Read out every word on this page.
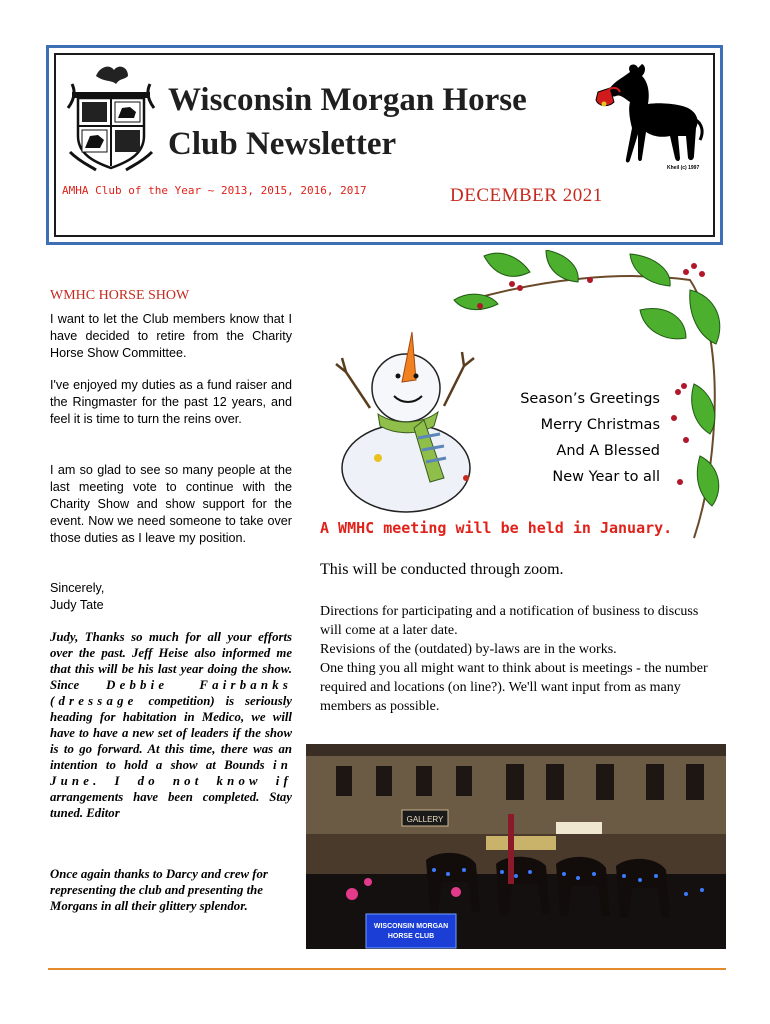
Wisconsin Morgan Horse
Club Newsletter
AMHA Club of the Year ~ 2013, 2015, 2016, 2017	DECEMBER 2021
Kheil (c) 1997
WMHC HORSE SHOW

I want to let the Club members know that I have decided to retire from the Charity Horse Show Committee.

I've enjoyed my duties as a fund raiser and the Ringmaster for the past 12 years, and feel it is time to turn the reins over.

I am so glad to see so many people at the last meeting vote to continue with the Charity Show and show support for the event. Now we need someone to take over those duties as I leave my position.

Sincerely,
Judy Tate

Judy, Thanks so much for all your efforts over the past. Jeff Heise also informed me that this will be his last year doing the show. Since Debbie Fairbanks (dressage competition) is seriously heading for habitation in Medico, we will have to have a new set of leaders if the show is to go forward. At this time, there was an intention to hold a show at Bounds in June. I do not know if arrangements have been completed. Stay tuned. Editor

Once again thanks to Darcy and crew for representing the club and presenting the Morgans in all their glittery splendor.

Season’s Greetings
Merry Christmas
And A Blessed
New Year to all
A WMHC meeting will be held in January.
This will be conducted through zoom.

Directions for participating and a notification of business to discuss will come at a later date.

Revisions of the (outdated) by-laws are in the works.

One thing you all might want to think about is meetings - the number required and locations (on line?). We'll want input from as many members as possible.

GALLERY
WISCONSIN MORGAN
HORSE CLUB
